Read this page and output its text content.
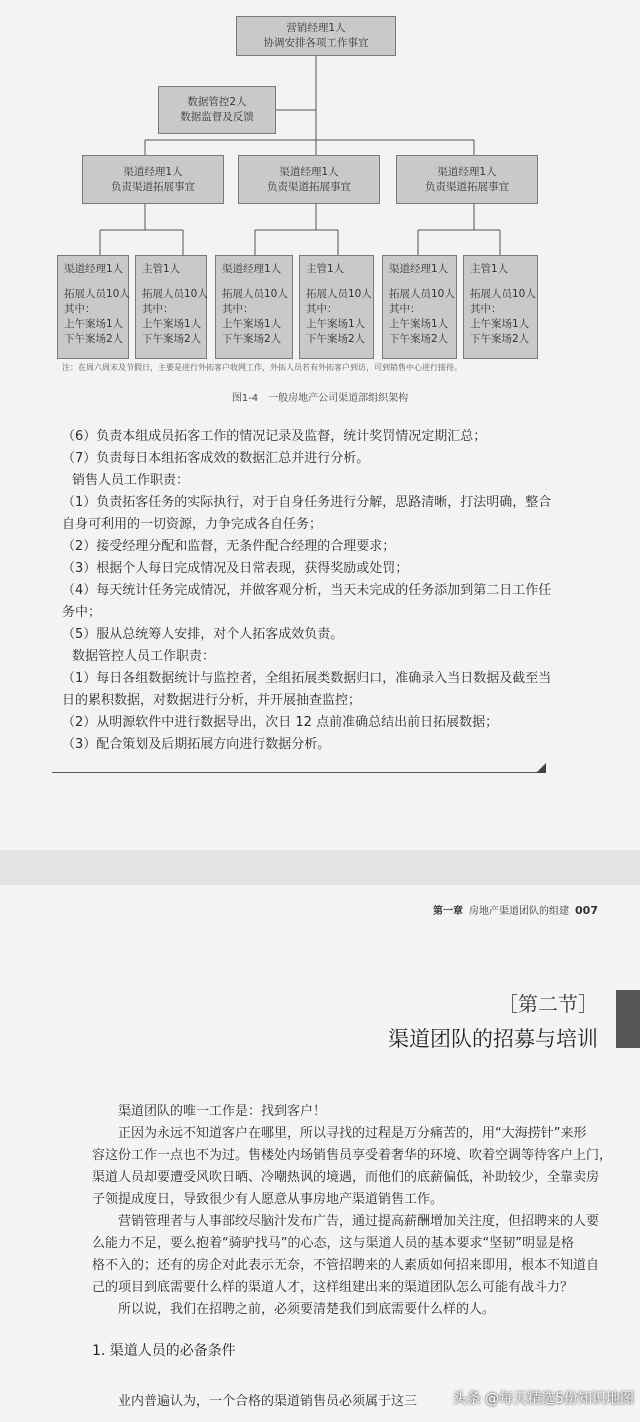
营销经理1人
协调安排各项工作事宜
数据管控2人
数据监督及反馈
渠道经理1人
负责渠道拓展事宜
渠道经理1人
负责渠道拓展事宜
渠道经理1人
负责渠道拓展事宜
渠道经理1人
拓展人员10人
其中：
上午案场1人
下午案场2人
主管1人
拓展人员10人
其中：
上午案场1人
下午案场2人
渠道经理1人
拓展人员10人
其中：
上午案场1人
下午案场2人
主管1人
拓展人员10人
其中：
上午案场1人
下午案场2人
渠道经理1人
拓展人员10人
其中：
上午案场1人
下午案场2人
主管1人
拓展人员10人
其中：
上午案场1人
下午案场2人
注：在周六周末及节假日，主要是进行外拓客户收网工作，外拓人员若有外拓客户到访，可到销售中心进行接待。
图1-4　一般房地产公司渠道部组织架构
（6）负责本组成员拓客工作的情况记录及监督，统计奖罚情况定期汇总；
（7）负责每日本组拓客成效的数据汇总并进行分析。
销售人员工作职责：
（1）负责拓客任务的实际执行，对于自身任务进行分解，思路清晰，打法明确，整合
自身可利用的一切资源，力争完成各自任务；
（2）接受经理分配和监督，无条件配合经理的合理要求；
（3）根据个人每日完成情况及日常表现，获得奖励或处罚；
（4）每天统计任务完成情况，并做客观分析，当天未完成的任务添加到第二日工作任
务中；
（5）服从总统筹人安排，对个人拓客成效负责。
数据管控人员工作职责：
（1）每日各组数据统计与监控者，全组拓展类数据归口，准确录入当日数据及截至当
日的累积数据，对数据进行分析，并开展抽查监控；
（2）从明源软件中进行数据导出，次日 12 点前准确总结出前日拓展数据；
（3）配合策划及后期拓展方向进行数据分析。
第一章 房地产渠道团队的组建 007
［第二节］
渠道团队的招募与培训
渠道团队的唯一工作是：找到客户！
正因为永远不知道客户在哪里，所以寻找的过程是万分痛苦的，用“大海捞针”来形
容这份工作一点也不为过。售楼处内场销售员享受着奢华的环境、吹着空调等待客户上门，
渠道人员却要遭受风吹日晒、冷嘲热讽的境遇，而他们的底薪偏低，补助较少，全靠卖房
子领提成度日，导致很少有人愿意从事房地产渠道销售工作。
营销管理者与人事部绞尽脑汁发布广告，通过提高薪酬增加关注度，但招聘来的人要
么能力不足，要么抱着“骑驴找马”的心态，这与渠道人员的基本要求“坚韧”明显是格
格不入的；还有的房企对此表示无奈，不管招聘来的人素质如何招来即用，根本不知道自
己的项目到底需要什么样的渠道人才，这样组建出来的渠道团队怎么可能有战斗力？
所以说，我们在招聘之前，必须要清楚我们到底需要什么样的人。
1. 渠道人员的必备条件
业内普遍认为，一个合格的渠道销售员必须属于这三	头条 @每天精选5份知识地图
